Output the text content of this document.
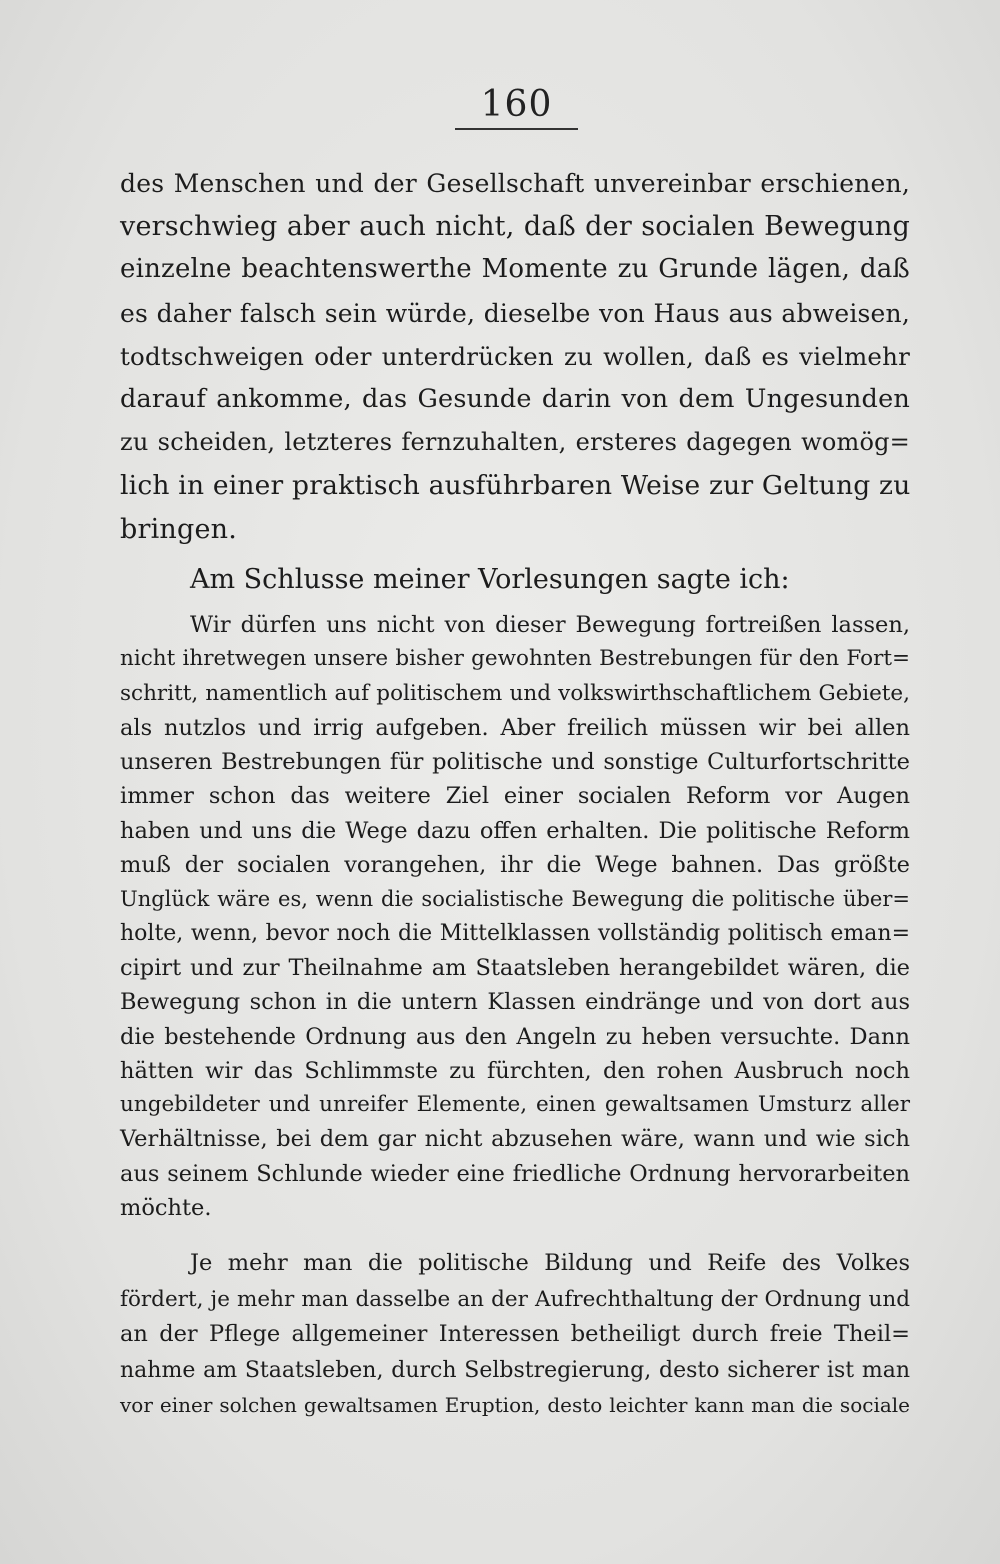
160
des Menschen und der Gesellschaft unvereinbar erschienen,
verschwieg aber auch nicht, daß der socialen Bewegung
einzelne beachtenswerthe Momente zu Grunde lägen, daß
es daher falsch sein würde, dieselbe von Haus aus abweisen,
todtschweigen oder unterdrücken zu wollen, daß es vielmehr
darauf ankomme, das Gesunde darin von dem Ungesunden
zu scheiden, letzteres fernzuhalten, ersteres dagegen womög=
lich in einer praktisch ausführbaren Weise zur Geltung zu
bringen.
Am Schlusse meiner Vorlesungen sagte ich:
Wir dürfen uns nicht von dieser Bewegung fortreißen lassen,
nicht ihretwegen unsere bisher gewohnten Bestrebungen für den Fort=
schritt, namentlich auf politischem und volkswirthschaftlichem Gebiete,
als nutzlos und irrig aufgeben. Aber freilich müssen wir bei allen
unseren Bestrebungen für politische und sonstige Culturfortschritte
immer schon das weitere Ziel einer socialen Reform vor Augen
haben und uns die Wege dazu offen erhalten. Die politische Reform
muß der socialen vorangehen, ihr die Wege bahnen. Das größte
Unglück wäre es, wenn die socialistische Bewegung die politische über=
holte, wenn, bevor noch die Mittelklassen vollständig politisch eman=
cipirt und zur Theilnahme am Staatsleben herangebildet wären, die
Bewegung schon in die untern Klassen eindränge und von dort aus
die bestehende Ordnung aus den Angeln zu heben versuchte. Dann
hätten wir das Schlimmste zu fürchten, den rohen Ausbruch noch
ungebildeter und unreifer Elemente, einen gewaltsamen Umsturz aller
Verhältnisse, bei dem gar nicht abzusehen wäre, wann und wie sich
aus seinem Schlunde wieder eine friedliche Ordnung hervorarbeiten
möchte.
Je mehr man die politische Bildung und Reife des Volkes
fördert, je mehr man dasselbe an der Aufrechthaltung der Ordnung und
an der Pflege allgemeiner Interessen betheiligt durch freie Theil=
nahme am Staatsleben, durch Selbstregierung, desto sicherer ist man
vor einer solchen gewaltsamen Eruption, desto leichter kann man die sociale
